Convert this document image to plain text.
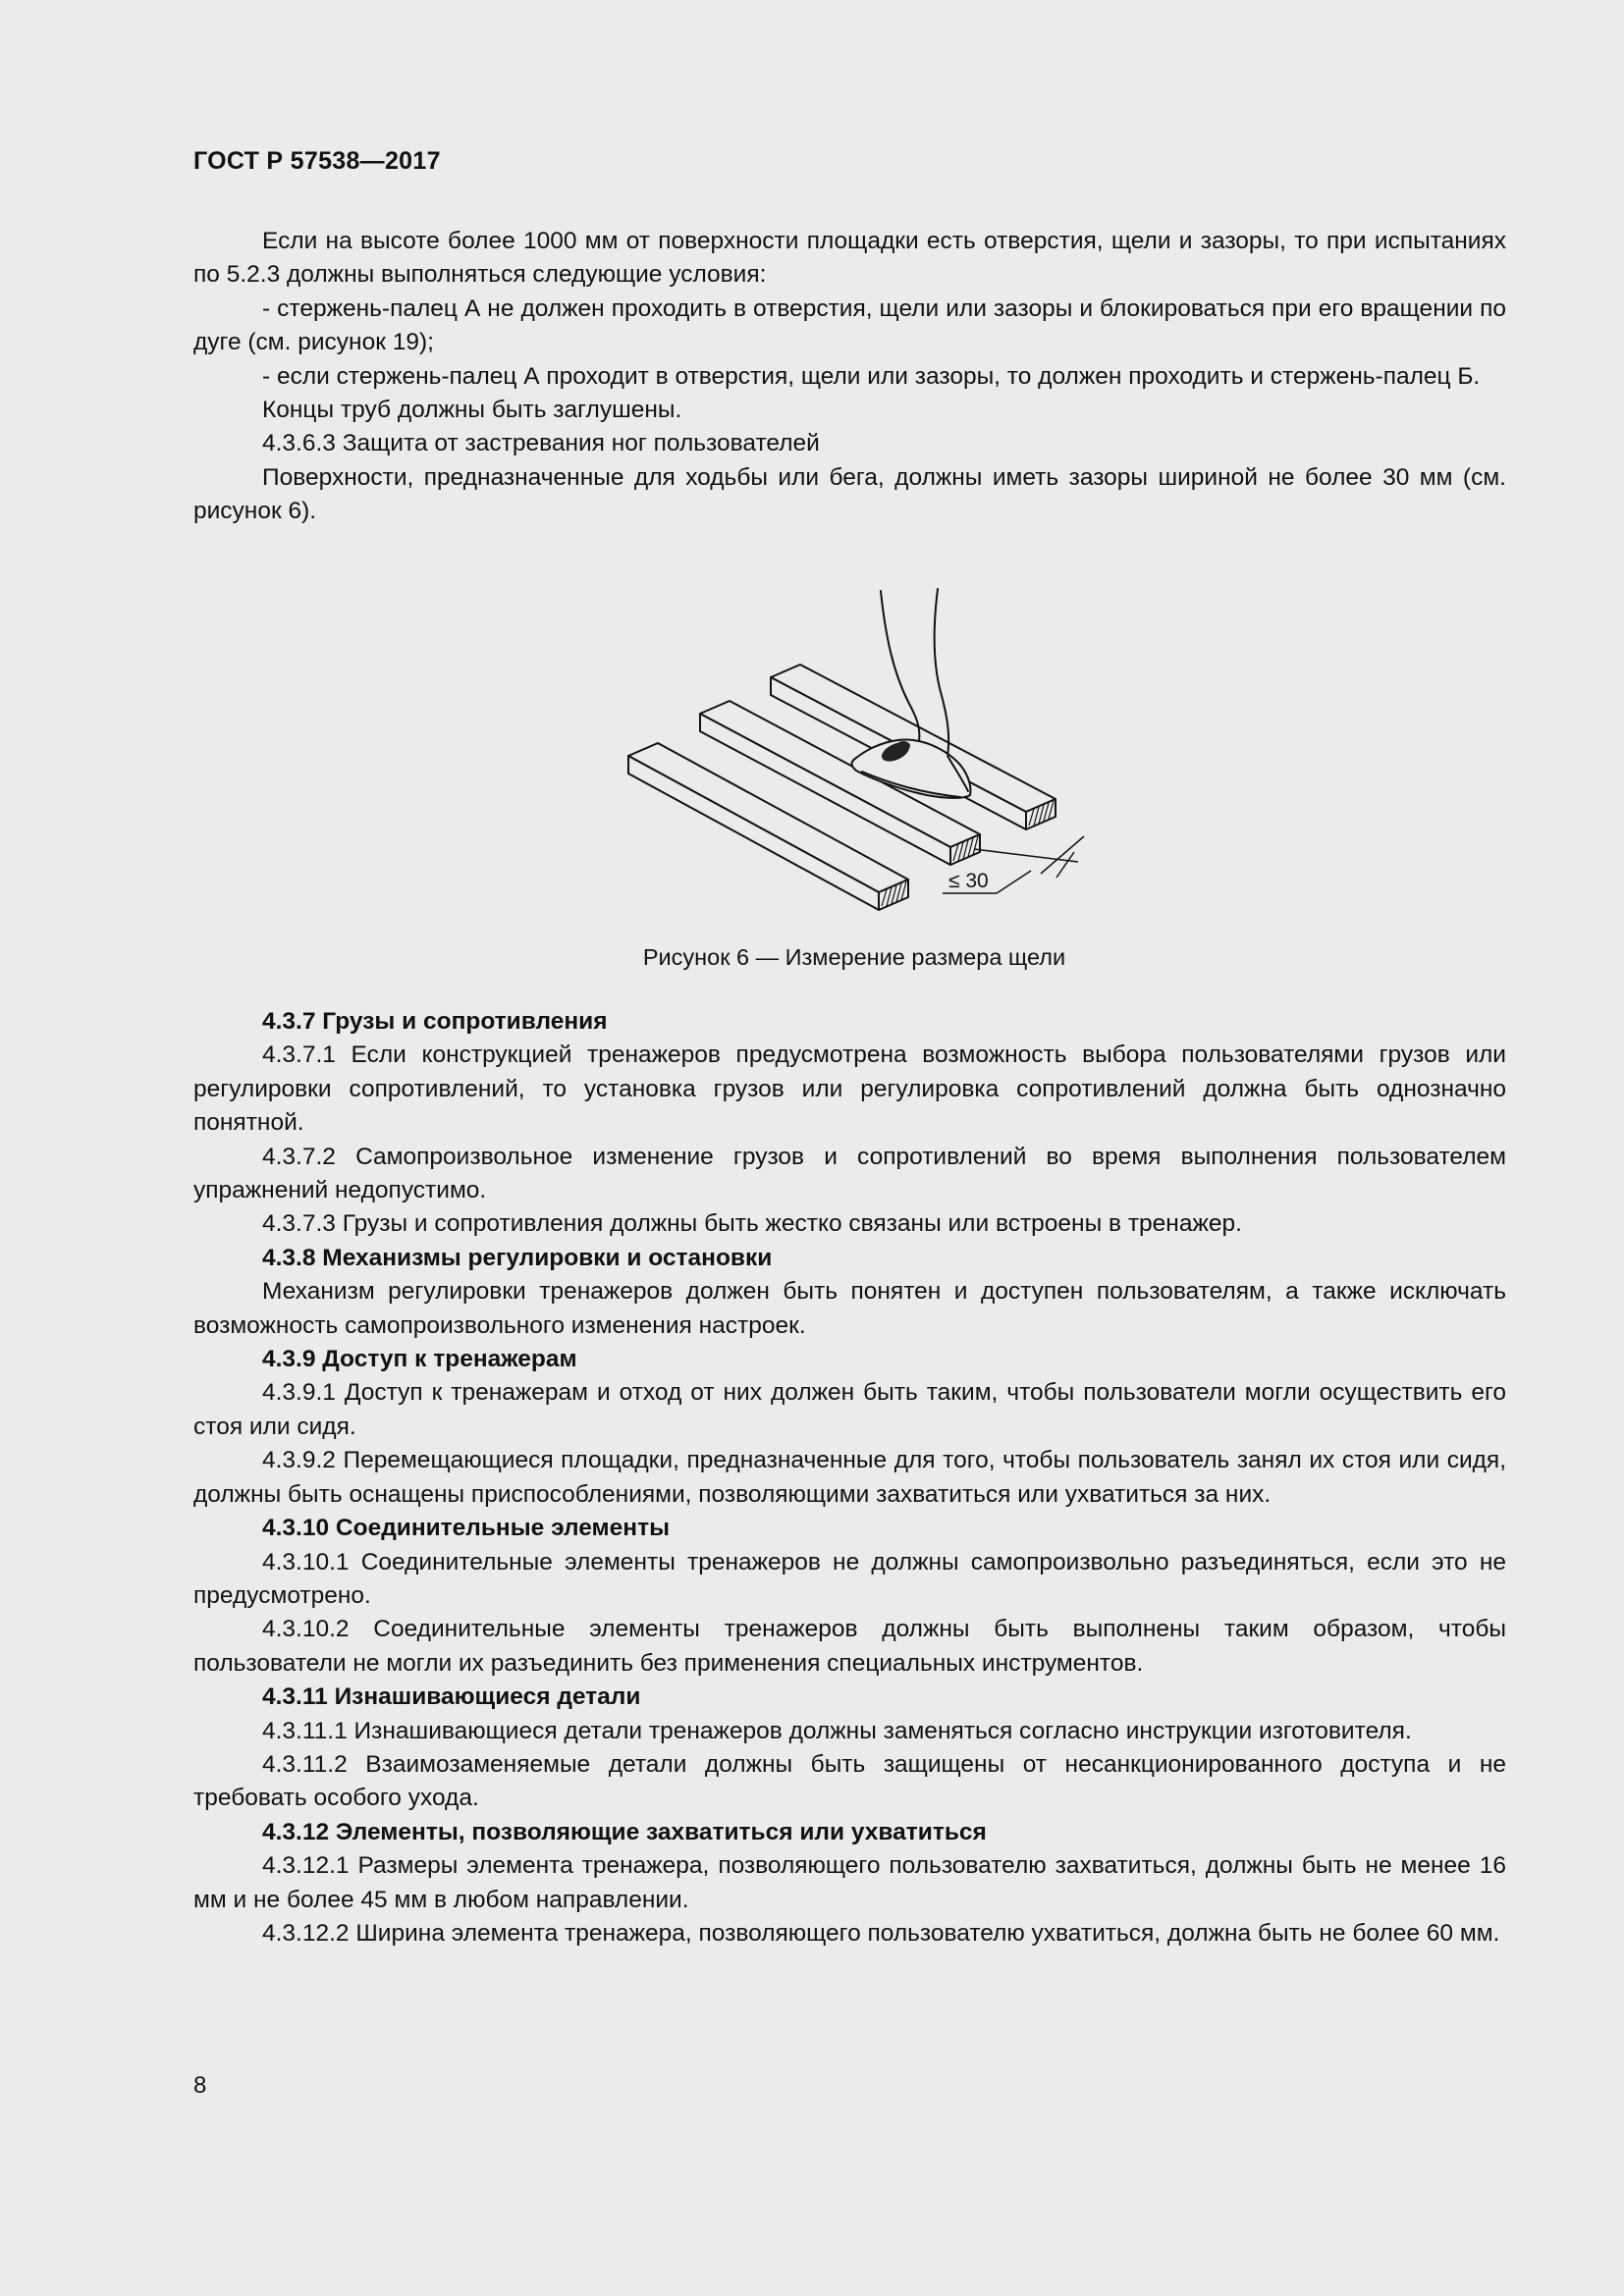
ГОСТ Р 57538—2017

Если на высоте более 1000 мм от поверхности площадки есть отверстия, щели и зазоры, то при испытаниях по 5.2.3 должны выполняться следующие условия:

- стержень-палец А не должен проходить в отверстия, щели или зазоры и блокироваться при его вращении по дуге (см. рисунок 19);

- если стержень-палец А проходит в отверстия, щели или зазоры, то должен проходить и стержень-палец Б.

Концы труб должны быть заглушены.

4.3.6.3 Защита от застревания ног пользователей

Поверхности, предназначенные для ходьбы или бега, должны иметь зазоры шириной не более 30 мм (см. рисунок 6).

≤ 30
Рисунок 6 — Измерение размера щели

4.3.7 Грузы и сопротивления

4.3.7.1 Если конструкцией тренажеров предусмотрена возможность выбора пользователями грузов или регулировки сопротивлений, то установка грузов или регулировка сопротивлений должна быть однозначно понятной.

4.3.7.2 Самопроизвольное изменение грузов и сопротивлений во время выполнения пользователем упражнений недопустимо.

4.3.7.3 Грузы и сопротивления должны быть жестко связаны или встроены в тренажер.

4.3.8 Механизмы регулировки и остановки

Механизм регулировки тренажеров должен быть понятен и доступен пользователям, а также исключать возможность самопроизвольного изменения настроек.

4.3.9 Доступ к тренажерам

4.3.9.1 Доступ к тренажерам и отход от них должен быть таким, чтобы пользователи могли осуществить его стоя или сидя.

4.3.9.2 Перемещающиеся площадки, предназначенные для того, чтобы пользователь занял их стоя или сидя, должны быть оснащены приспособлениями, позволяющими захватиться или ухватиться за них.

4.3.10 Соединительные элементы

4.3.10.1 Соединительные элементы тренажеров не должны самопроизвольно разъединяться, если это не предусмотрено.

4.3.10.2 Соединительные элементы тренажеров должны быть выполнены таким образом, чтобы пользователи не могли их разъединить без применения специальных инструментов.

4.3.11 Изнашивающиеся детали

4.3.11.1 Изнашивающиеся детали тренажеров должны заменяться согласно инструкции изготовителя.

4.3.11.2 Взаимозаменяемые детали должны быть защищены от несанкционированного доступа и не требовать особого ухода.

4.3.12 Элементы, позволяющие захватиться или ухватиться

4.3.12.1 Размеры элемента тренажера, позволяющего пользователю захватиться, должны быть не менее 16 мм и не более 45 мм в любом направлении.

4.3.12.2 Ширина элемента тренажера, позволяющего пользователю ухватиться, должна быть не более 60 мм.

8
